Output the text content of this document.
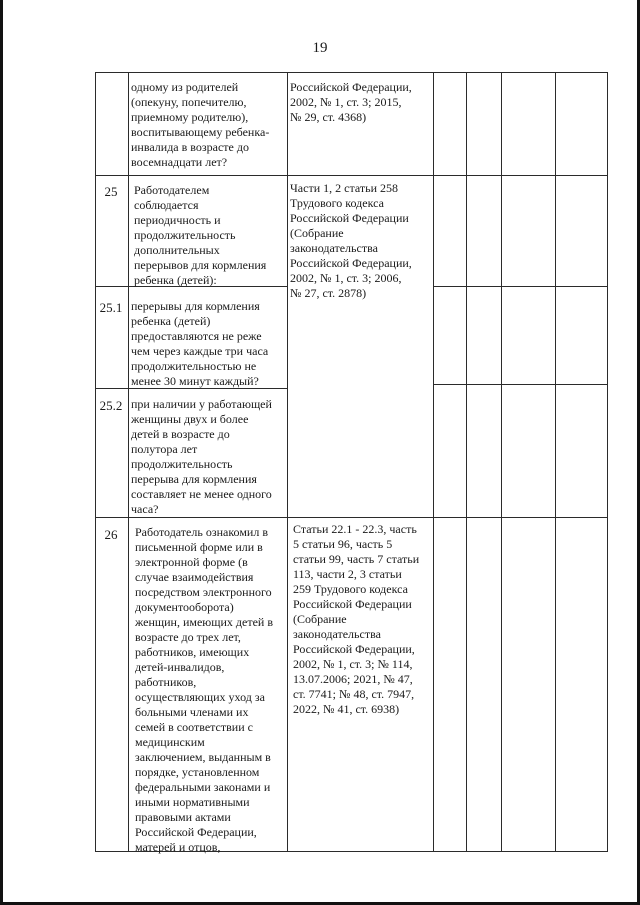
19
одному из родителей
(опекуну, попечителю,
приемному родителю),
воспитывающему ребенка-
инвалида в возрасте до
восемнадцати лет?
Российской Федерации,
2002, № 1, ст. 3; 2015,
№ 29, ст. 4368)
25	Работодателем
соблюдается
периодичность и
продолжительность
дополнительных
перерывов для кормления
ребенка (детей):
Части 1, 2 статьи 258
Трудового кодекса
Российской Федерации
(Собрание
законодательства
Российской Федерации,
2002, № 1, ст. 3; 2006,
№ 27, ст. 2878)
25.1 перерывы для кормления
ребенка (детей)
предоставляются не реже
чем через каждые три часа
продолжительностью не
менее 30 минут каждый?
25.2 при наличии у работающей
женщины двух и более
детей в возрасте до
полутора лет
продолжительность
перерыва для кормления
составляет не менее одного
часа?
26	Работодатель ознакомил в
письменной форме или в
электронной форме (в
случае взаимодействия
посредством электронного
документооборота)
женщин, имеющих детей в
возрасте до трех лет,
работников, имеющих
детей-инвалидов,
работников,
осуществляющих уход за
больными членами их
семей в соответствии с
медицинским
заключением, выданным в
порядке, установленном
федеральными законами и
иными нормативными
правовыми актами
Российской Федерации,
матерей и отцов,
Статьи 22.1 - 22.3, часть
5 статьи 96, часть 5
статьи 99, часть 7 статьи
113, части 2, 3 статьи
259 Трудового кодекса
Российской Федерации
(Собрание
законодательства
Российской Федерации,
2002, № 1, ст. 3; № 114,
13.07.2006; 2021, № 47,
ст. 7741; № 48, ст. 7947,
2022, № 41, ст. 6938)
